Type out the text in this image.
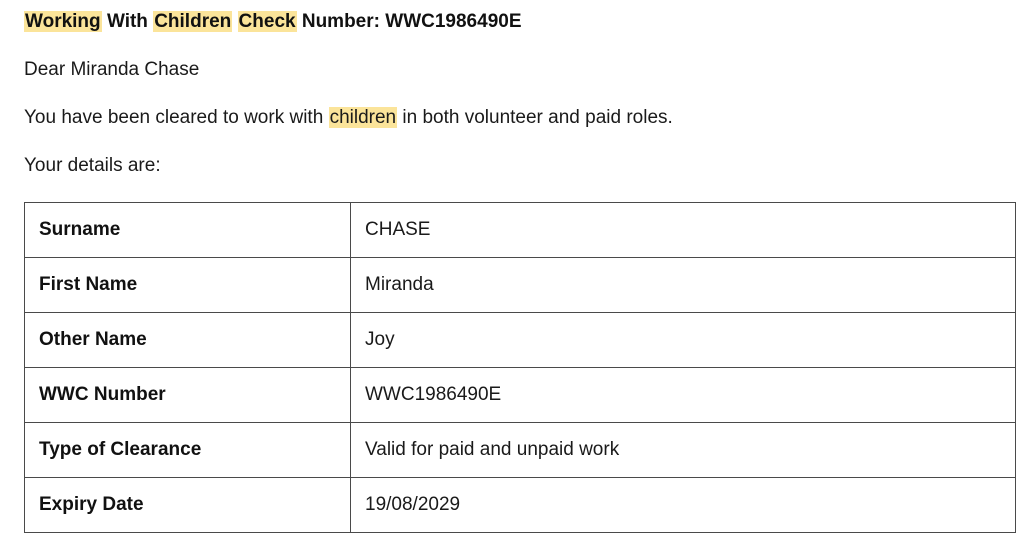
Working With Children Check Number: WWC1986490E

Dear Miranda Chase

You have been cleared to work with children in both volunteer and paid roles.

Your details are:

Surname	CHASE
First Name	Miranda
Other Name	Joy
WWC Number	WWC1986490E
Type of Clearance	Valid for paid and unpaid work
Expiry Date	19/08/2029
